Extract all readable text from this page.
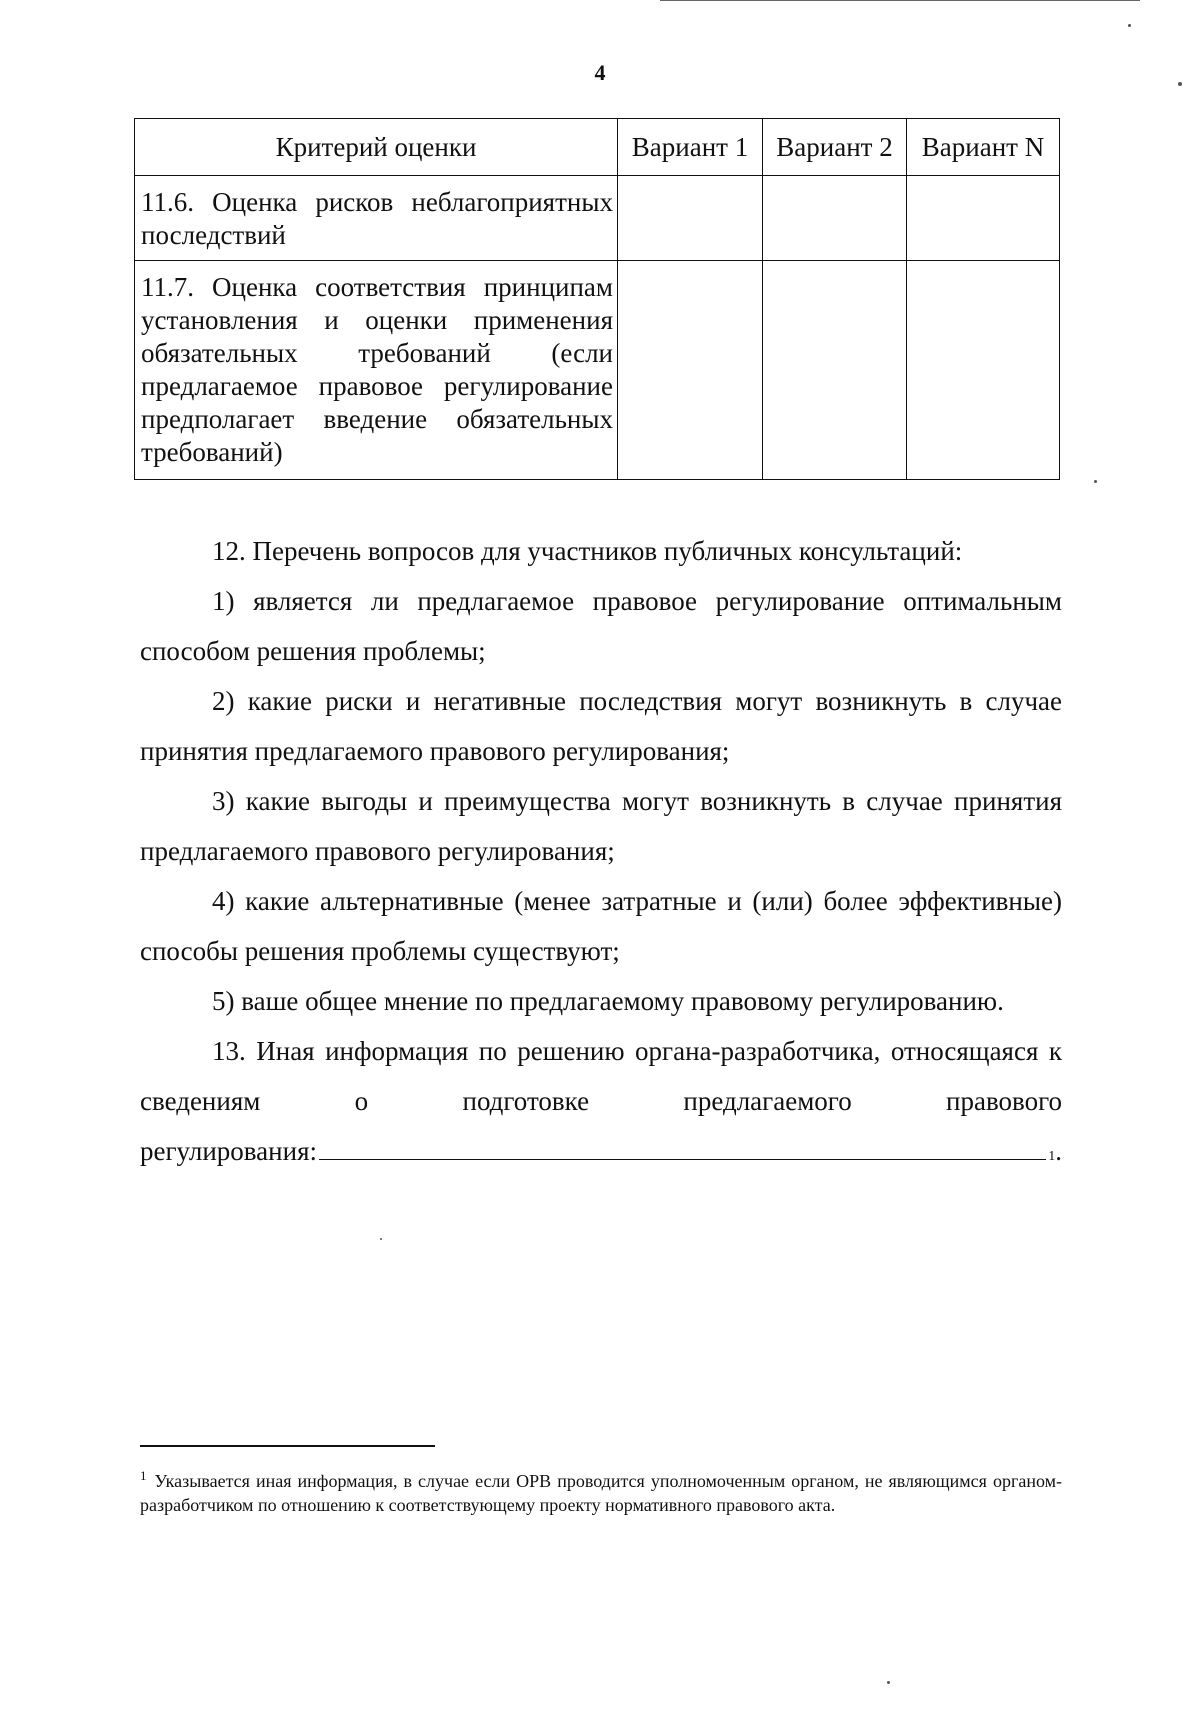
4
Критерий оценки	Вариант 1	Вариант 2	Вариант N
11.6. Оценка рисков неблагоприятных последствий			
11.7. Оценка соответствия принципам установления и оценки применения обязательных требований (если предлагаемое правовое регулирование предполагает введение обязательных требований)			

12. Перечень вопросов для участников публичных консультаций:

1) является ли предлагаемое правовое регулирование оптимальным способом решения проблемы;

2) какие риски и негативные последствия могут возникнуть в случае принятия предлагаемого правового регулирования;

3) какие выгоды и преимущества могут возникнуть в случае принятия предлагаемого правового регулирования;

4) какие альтернативные (менее затратные и (или) более эффективные) способы решения проблемы существуют;

5) ваше общее мнение по предлагаемому правовому регулированию.

13. Иная информация по решению органа-разработчика, относящаяся к сведениям о подготовке предлагаемого правового

регулирования:	$_1$ .
$^1$ Указывается иная информация, в случае если ОРВ проводится уполномоченным органом, не являющимся органом-разработчиком по отношению к соответствующему проекту нормативного правового акта.
